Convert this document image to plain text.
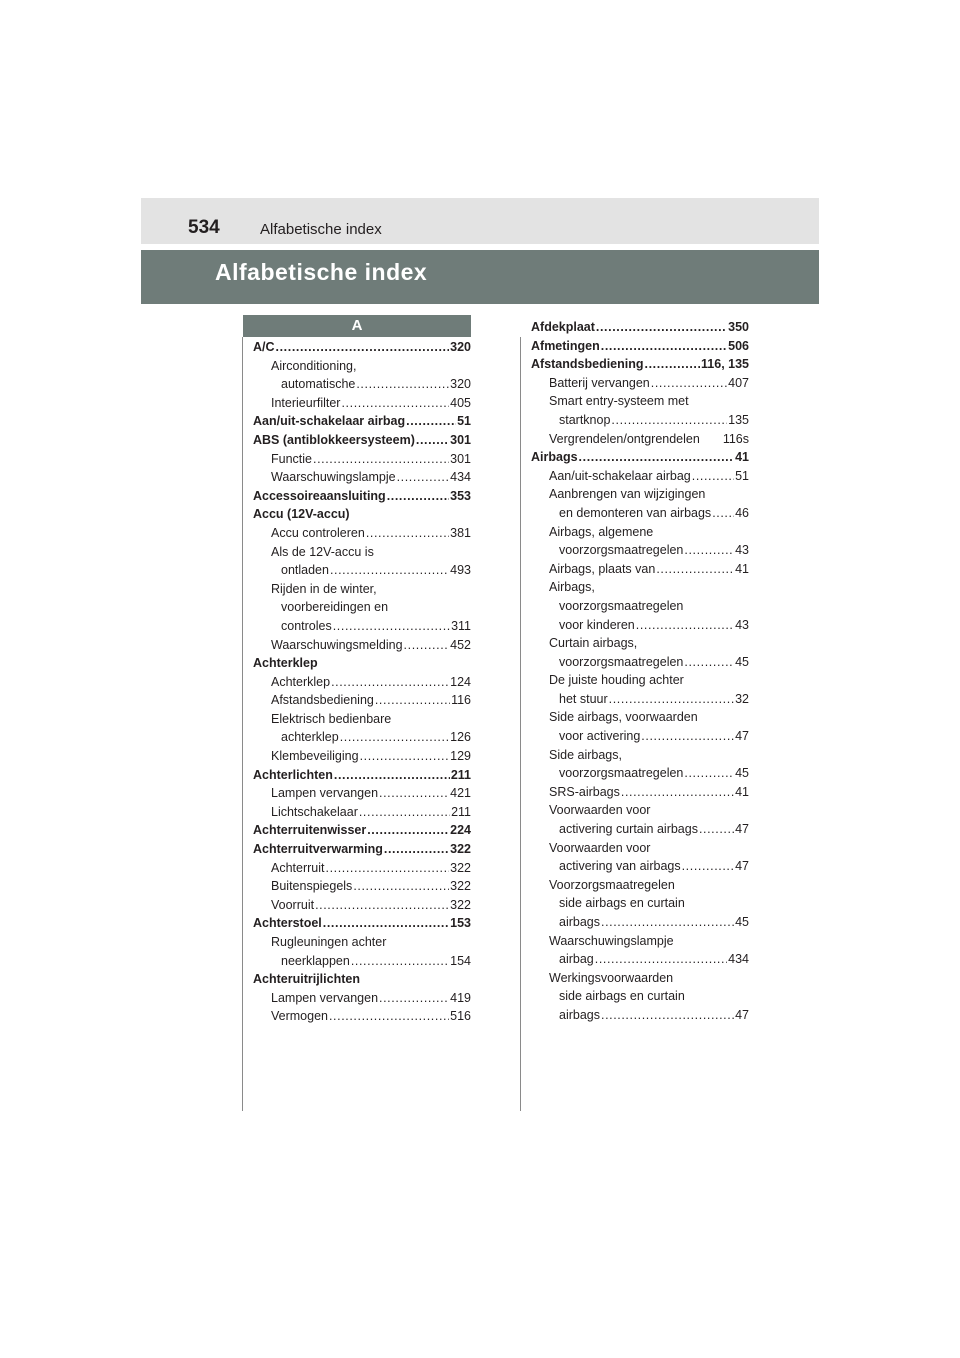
534	Alfabetische index
Alfabetische index
A
A/C .....	320
Airconditioning,
automatische .....	320
Interieurfilter .....	405
Aan/uit-schakelaar airbag .....	51
ABS (antiblokkeersysteem) .....	301
Functie .....	301
Waarschuwingslampje .....	434
Accessoireaansluiting .....	353
Accu (12V-accu)
Accu controleren .....	381
Als de 12V-accu is
ontladen .....	493
Rijden in de winter,
voorbereidingen en
controles .....	311
Waarschuwingsmelding .....	452
Achterklep
Achterklep .....	124
Afstandsbediening .....	116
Elektrisch bedienbare
achterklep .....	126
Klembeveiliging .....	129
Achterlichten .....	211
Lampen vervangen .....	421
Lichtschakelaar .....	211
Achterruitenwisser .....	224
Achterruitverwarming .....	322
Achterruit .....	322
Buitenspiegels .....	322
Voorruit .....	322
Achterstoel .....	153
Rugleuningen achter
neerklappen .....	154
Achteruitrijlichten
Lampen vervangen .....	419
Vermogen .....	516
Afdekplaat .....	350
Afmetingen .....	506
Afstandsbediening .....	116, 135
Batterij vervangen .....	407
Smart entry-systeem met
startknop .....	135
Vergrendelen/ontgrendelen 116s
Airbags .....	41
Aan/uit-schakelaar airbag .....	51
Aanbrengen van wijzigingen
en demonteren van airbags ..... 46
Airbags, algemene
voorzorgsmaatregelen .....	43
Airbags, plaats van .....	41
Airbags,
voorzorgsmaatregelen
voor kinderen .....	43
Curtain airbags,
voorzorgsmaatregelen .....	45
De juiste houding achter
het stuur .....	32
Side airbags, voorwaarden
voor activering .....	47
Side airbags,
voorzorgsmaatregelen .....	45
SRS-airbags .....	41
Voorwaarden voor
activering curtain airbags .....	47
Voorwaarden voor
activering van airbags .....	47
Voorzorgsmaatregelen
side airbags en curtain
airbags .....	45
Waarschuwingslampje
airbag .....	434
Werkingsvoorwaarden
side airbags en curtain
airbags .....	47
